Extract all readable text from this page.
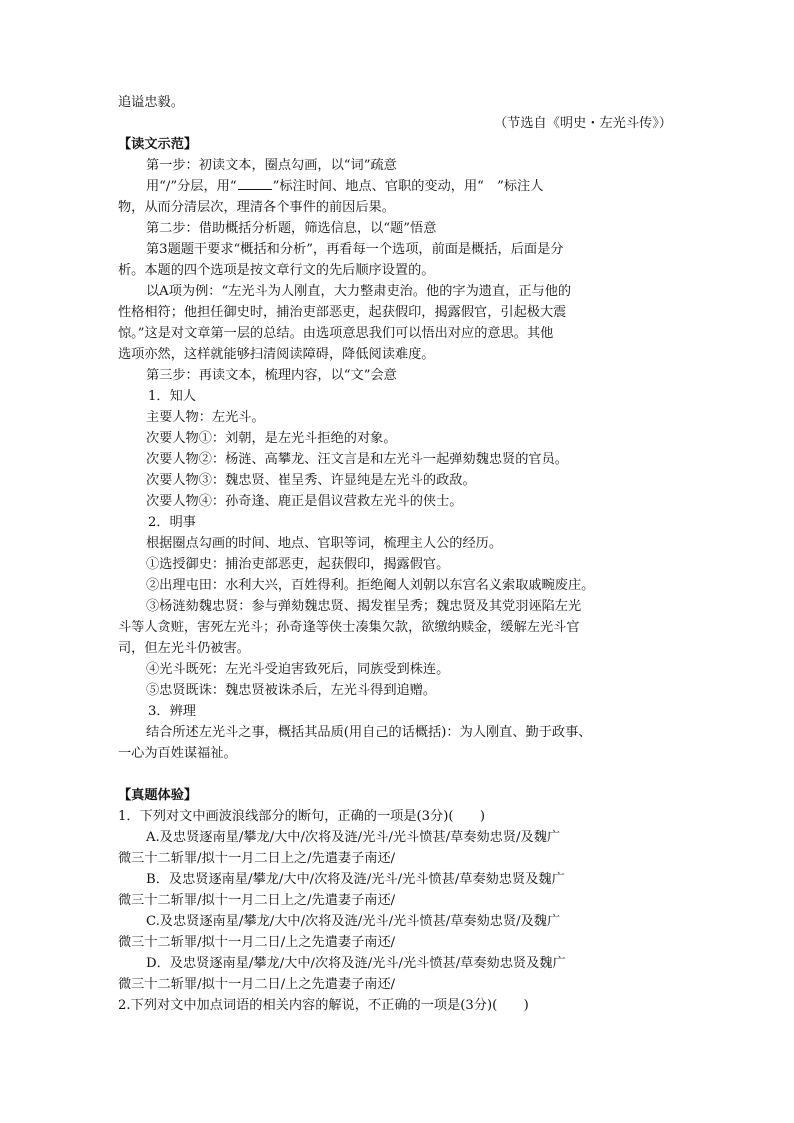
追谥忠毅。
（节选自《明史・左光斗传》）
【读文示范】
第一步：初读文本，圈点勾画，以“词”疏意
用“/”分层，用“	”标注时间、地点、官职的变动，用“　”标注人
物，从而分清层次，理清各个事件的前因后果。
第二步：借助概括分析题，筛选信息，以“题”悟意
第3题题干要求“概括和分析”，再看每一个选项，前面是概括，后面是分
析。本题的四个选项是按文章行文的先后顺序设置的。
以A项为例：“左光斗为人刚直，大力整肃吏治。他的字为遗直，正与他的
性格相符；他担任御史时，捕治吏部恶吏，起获假印，揭露假官，引起极大震
惊。”这是对文章第一层的总结。由选项意思我们可以悟出对应的意思。其他
选项亦然，这样就能够扫清阅读障碍，降低阅读难度。
第三步：再读文本，梳理内容，以“文”会意
1．知人
主要人物：左光斗。
次要人物①：刘朝，是左光斗拒绝的对象。
次要人物②：杨涟、高攀龙、汪文言是和左光斗一起弹劾魏忠贤的官员。
次要人物③：魏忠贤、崔呈秀、许显纯是左光斗的政敌。
次要人物④：孙奇逢、鹿正是倡议营救左光斗的侠士。
2．明事
根据圈点勾画的时间、地点、官职等词，梳理主人公的经历。
①选授御史：捕治吏部恶吏，起获假印，揭露假官。
②出理屯田：水利大兴，百姓得利。拒绝阉人刘朝以东宫名义索取戚畹废庄。
③杨涟劾魏忠贤：参与弹劾魏忠贤、揭发崔呈秀；魏忠贤及其党羽诬陷左光
斗等人贪赃，害死左光斗；孙奇逢等侠士凑集欠款，欲缴纳赎金，缓解左光斗官
司，但左光斗仍被害。
④光斗既死：左光斗受迫害致死后，同族受到株连。
⑤忠贤既诛：魏忠贤被诛杀后，左光斗得到追赠。
3．辨理
结合所述左光斗之事，概括其品质(用自己的话概括)：为人刚直、勤于政事、
一心为百姓谋福祉。
【真题体验】
1．下列对文中画波浪线部分的断句，正确的一项是(3分)(　　)
A.及忠贤逐南星/攀龙/大中/次将及涟/光斗/光斗愤甚/草奏劾忠贤/及魏广
微三十二斩罪/拟十一月二日上之/先遣妻子南还/
B．及忠贤逐南星/攀龙/大中/次将及涟/光斗/光斗愤甚/草奏劾忠贤及魏广
微三十二斩罪/拟十一月二日上之/先遣妻子南还/
C.及忠贤逐南星/攀龙/大中/次将及涟/光斗/光斗愤甚/草奏劾忠贤/及魏广
微三十二斩罪/拟十一月二日/上之先遣妻子南还/
D．及忠贤逐南星/攀龙/大中/次将及涟/光斗/光斗愤甚/草奏劾忠贤及魏广
微三十二斩罪/拟十一月二日/上之先遣妻子南还/
2.下列对文中加点词语的相关内容的解说，不正确的一项是(3分)(　　)
